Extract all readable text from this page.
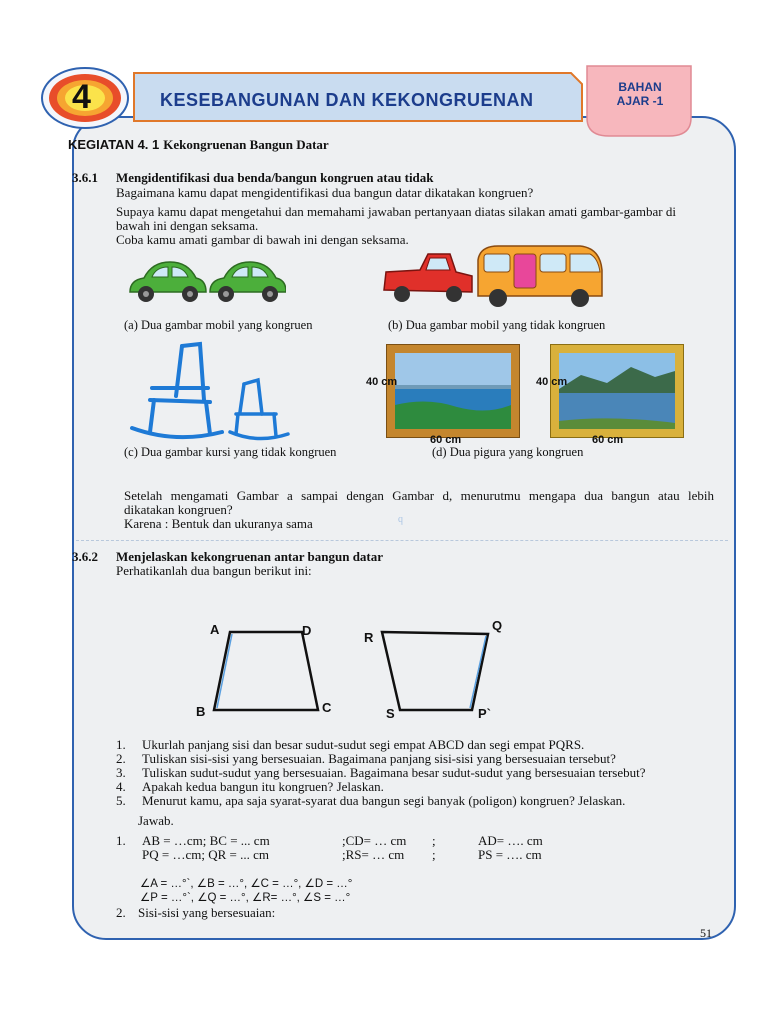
4	KESEBANGUNAN DAN KEKONGRUENAN
BAHAN
AJAR -1
KEGIATAN 4. 1 Kekongruenan Bangun Datar
3.6.1 Mengidentifikasi dua benda/bangun kongruen atau tidak
Bagaimana kamu dapat mengidentifikasi dua bangun datar dikatakan kongruen?
Supaya kamu dapat mengetahui dan memahami jawaban pertanyaan diatas silakan amati gambar-gambar di
bawah ini dengan seksama.
Coba kamu amati gambar di bawah ini dengan seksama.
(a) Dua gambar mobil yang kongruen	(b) Dua gambar mobil yang tidak kongruen
40 cm
60 cm
40 cm
60 cm
(c) Dua gambar kursi yang tidak kongruen	(d) Dua pigura yang kongruen
Setelah mengamati Gambar a sampai dengan Gambar d, menurutmu mengapa dua bangun atau lebih
dikatakan kongruen?
Karena : Bentuk dan ukuranya sama	q
3.6.2 Menjelaskan kekongruenan antar bangun datar
Perhatikanlah dua bangun berikut ini:
A	D
B	C
R
Q
S	P`
1. Ukurlah panjang sisi dan besar sudut-sudut segi empat ABCD dan segi empat PQRS.
2. Tuliskan sisi-sisi yang bersesuaian. Bagaimana panjang sisi-sisi yang bersesuaian tersebut?
3. Tuliskan sudut-sudut yang bersesuaian. Bagaimana besar sudut-sudut yang bersesuaian tersebut?
4. Apakah kedua bangun itu kongruen? Jelaskan.
5. Menurut kamu, apa saja syarat-syarat dua bangun segi banyak (poligon) kongruen? Jelaskan.
Jawab.
1. AB = …cm; BC = ... cm	;CD= … cm ;	AD= …. cm
PQ = …cm; QR = ... cm	;RS= … cm ;	PS = …. cm
∠A = …°`, ∠B = …°, ∠C = …°, ∠D = …°
∠P = …°`, ∠Q = …°, ∠R= …°, ∠S = …°
2. Sisi-sisi yang bersesuaian:
51
